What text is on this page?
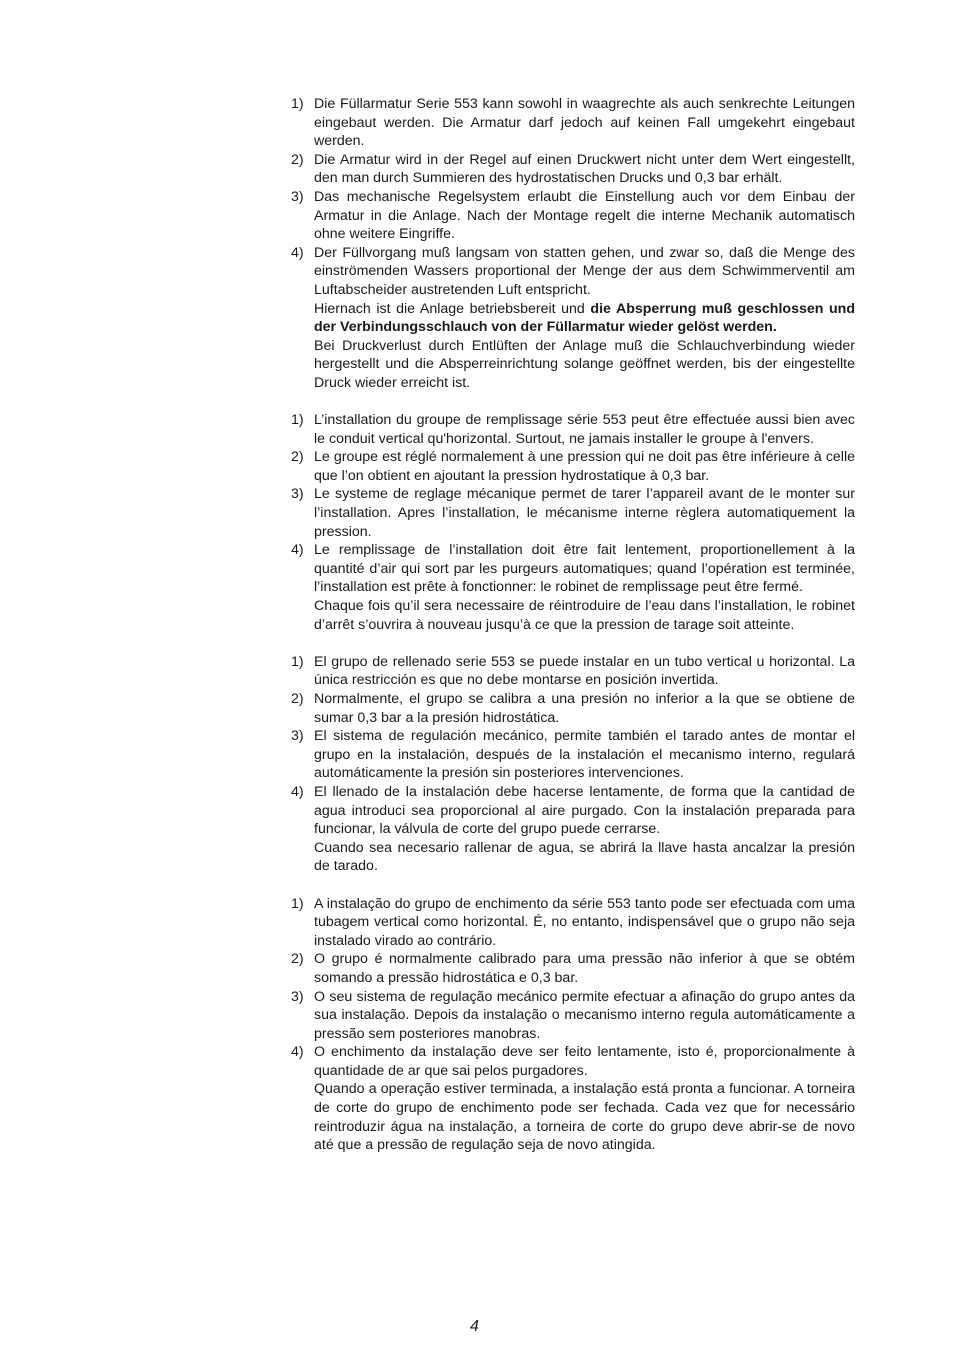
1) Die Füllarmatur Serie 553 kann sowohl in waagrechte als auch senkrechte Leitungen eingebaut werden. Die Armatur darf jedoch auf keinen Fall umgekehrt eingebaut werden.

2) Die Armatur wird in der Regel auf einen Druckwert nicht unter dem Wert eingestellt, den man durch Summieren des hydrostatischen Drucks und 0,3 bar erhält.

3) Das mechanische Regelsystem erlaubt die Einstellung auch vor dem Einbau der Armatur in die Anlage. Nach der Montage regelt die interne Mechanik automatisch ohne weitere Eingriffe.

4) Der Füllvorgang muß langsam von statten gehen, und zwar so, daß die Menge des einströmenden Wassers proportional der Menge der aus dem Schwimmerventil am Luftabscheider austretenden Luft entspricht.

Hiernach ist die Anlage betriebsbereit und die Absperrung muß geschlossen und der Verbindungsschlauch von der Füllarmatur wieder gelöst werden.

Bei Druckverlust durch Entlüften der Anlage muß die Schlauchverbindung wieder hergestellt und die Absperreinrichtung solange geöffnet werden, bis der eingestellte Druck wieder erreicht ist.

1) L’installation du groupe de remplissage série 553 peut être effectuée aussi bien avec le conduit vertical qu'horizontal. Surtout, ne jamais installer le groupe à l'envers.

2) Le groupe est réglé normalement à une pression qui ne doit pas être inférieure à celle que l’on obtient en ajoutant la pression hydrostatique à 0,3 bar.

3) Le systeme de reglage mécanique permet de tarer l’appareil avant de le monter sur l’installation. Apres l’installation, le mécanisme interne règlera automatiquement la pression.

4) Le remplissage de l’installation doit être fait lentement, proportionellement à la quantité d’air qui sort par les purgeurs automatiques; quand l’opération est terminée, l’installation est prête à fonctionner: le robinet de remplissage peut être fermé.

Chaque fois qu’il sera necessaire de réintroduire de l’eau dans l’installation, le robinet d’arrêt s’ouvrira à nouveau jusqu’à ce que la pression de tarage soit atteinte.

1) El grupo de rellenado serie 553 se puede instalar en un tubo vertical u horizontal. La única restricción es que no debe montarse en posición invertida.

2) Normalmente, el grupo se calibra a una presión no inferior a la que se obtiene de sumar 0,3 bar a la presión hidrostática.

3) El sistema de regulación mecánico, permite también el tarado antes de montar el grupo en la instalación, después de la instalación el mecanismo interno, regulará automáticamente la presión sin posteriores intervenciones.

4) El llenado de la instalación debe hacerse lentamente, de forma que la cantidad de agua introduci sea proporcional al aire purgado. Con la instalación preparada para funcionar, la válvula de corte del grupo puede cerrarse.

Cuando sea necesario rallenar de agua, se abrirá la llave hasta ancalzar la presión de tarado.

1) A instalação do grupo de enchimento da série 553 tanto pode ser efectuada com uma tubagem vertical como horizontal. É, no entanto, indispensável que o grupo não seja instalado virado ao contrário.

2) O grupo é normalmente calibrado para uma pressão não inferior à que se obtém somando a pressão hidrostática e 0,3 bar.

3) O seu sistema de regulação mecánico permite efectuar a afinação do grupo antes da sua instalação. Depois da instalação o mecanismo interno regula automáticamente a pressão sem posteriores manobras.

4) O enchimento da instalação deve ser feito lentamente, isto é, proporcionalmente à quantidade de ar que sai pelos purgadores.

Quando a operação estiver terminada, a instalação está pronta a funcionar. A torneira de corte do grupo de enchimento pode ser fechada. Cada vez que for necessário reintroduzir água na instalação, a torneira de corte do grupo deve abrir-se de novo até que a pressão de regulação seja de novo atingida.

4
